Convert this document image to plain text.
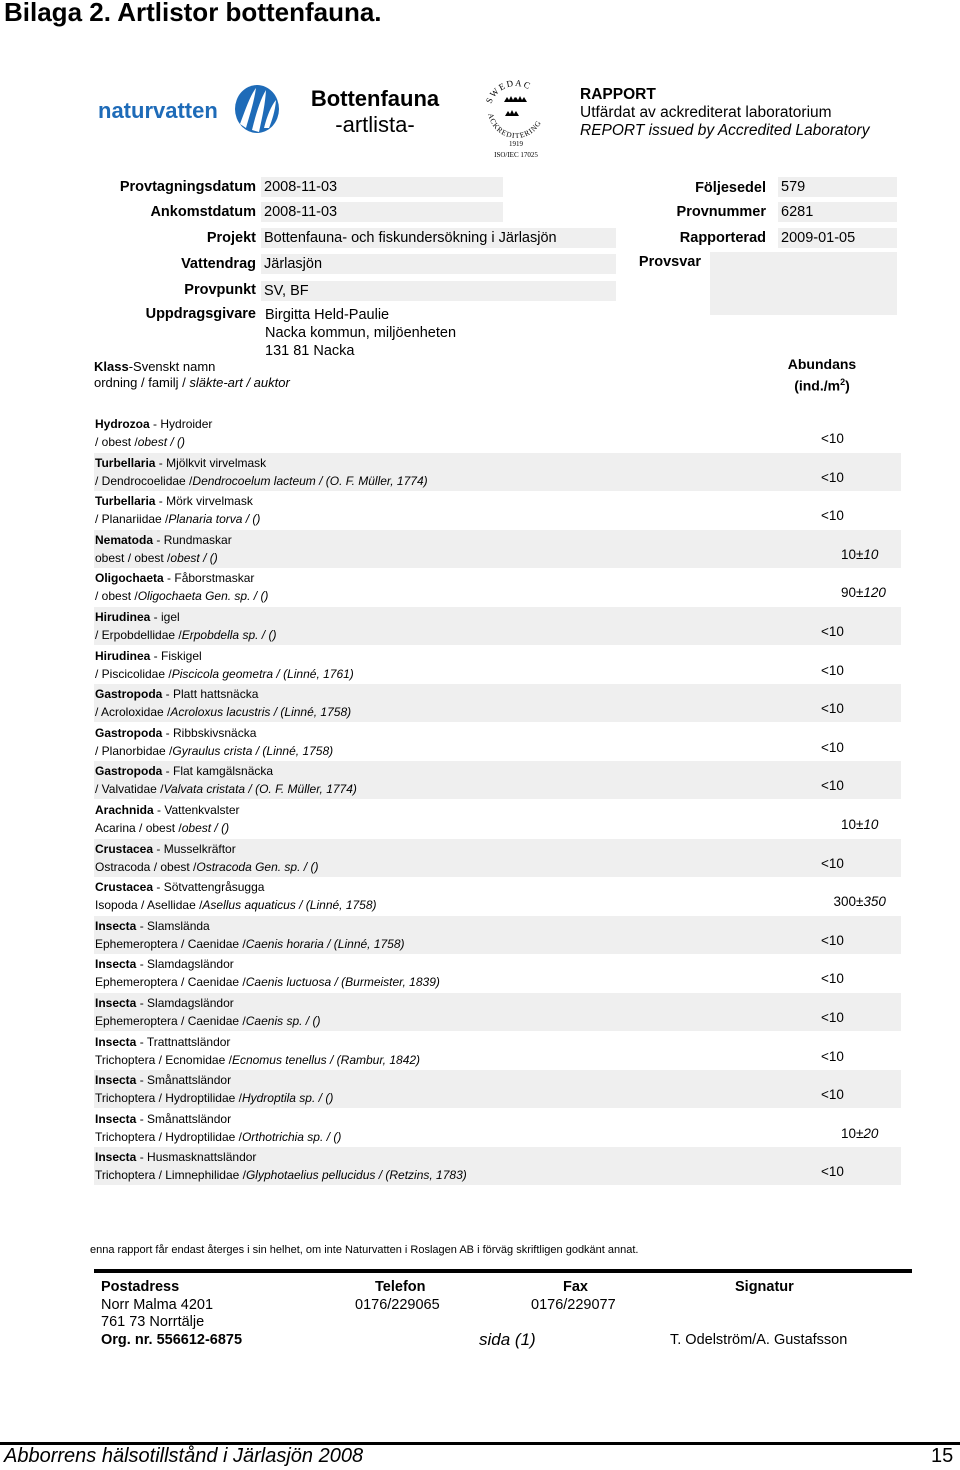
Bilaga 2. Artlistor bottenfauna.
naturvatten	Bottenfauna
-artlista-
SWEDAC
ACKREDITERING
1919
ISO/IEC 17025
RAPPORT
Utfärdat av ackrediterat laboratorium
REPORT issued by Accredited Laboratory
Provtagningsdatum 2008-11-03
Ankomstdatum 2008-11-03
Projekt Bottenfauna- och fiskundersökning i Järlasjön
Vattendrag Järlasjön
Provpunkt SV, BF
Uppdragsgivare Birgitta Held-Paulie
Nacka kommun, miljöenheten
131 81 Nacka
Följesedel 579
Provnummer 6281
Rapporterad 2009-01-05
Provsvar
Klass-Svenskt namn
ordning / familj / släkte-art / auktor
Abundans
$(ind./m^2)$
Hydrozoa - Hydroider
/ obest /obest / ()	<10
Turbellaria - Mjölkvit virvelmask
/ Dendrocoelidae /Dendrocoelum lacteum / (O. F. Müller, 1774)	<10
Turbellaria - Mörk virvelmask
/ Planariidae /Planaria torva / ()	<10
Nematoda - Rundmaskar
obest / obest /obest / ()	10 ±10
Oligochaeta - Fåborstmaskar
/ obest /Oligochaeta Gen. sp. / ()	90 ±120
Hirudinea - igel
/ Erpobdellidae /Erpobdella sp. / ()	<10
Hirudinea - Fiskigel
/ Piscicolidae /Piscicola geometra / (Linné, 1761)	<10
Gastropoda - Platt hattsnäcka
/ Acroloxidae /Acroloxus lacustris / (Linné, 1758)	<10
Gastropoda - Ribbskivsnäcka
/ Planorbidae /Gyraulus crista / (Linné, 1758)	<10
Gastropoda - Flat kamgälsnäcka
/ Valvatidae /Valvata cristata / (O. F. Müller, 1774)	<10
Arachnida - Vattenkvalster
Acarina / obest /obest / ()	10 ±10
Crustacea - Musselkräftor
Ostracoda / obest /Ostracoda Gen. sp. / ()	<10
Crustacea - Sötvattengråsugga
Isopoda / Asellidae /Asellus aquaticus / (Linné, 1758)	300 ±350
Insecta - Slamslända
Ephemeroptera / Caenidae /Caenis horaria / (Linné, 1758)	<10
Insecta - Slamdagsländor
Ephemeroptera / Caenidae /Caenis luctuosa / (Burmeister, 1839)	<10
Insecta - Slamdagsländor
Ephemeroptera / Caenidae /Caenis sp. / ()	<10
Insecta - Trattnattsländor
Trichoptera / Ecnomidae /Ecnomus tenellus / (Rambur, 1842)	<10
Insecta - Smånattsländor
Trichoptera / Hydroptilidae /Hydroptila sp. / ()	<10
Insecta - Smånattsländor
Trichoptera / Hydroptilidae /Orthotrichia sp. / ()	10 ±20
Insecta - Husmasknattsländor
Trichoptera / Limnephilidae /Glyphotaelius pellucidus / (Retzins, 1783)	<10
enna rapport får endast återges i sin helhet, om inte Naturvatten i Roslagen AB i förväg skriftligen godkänt annat.
Postadress
Norr Malma 4201
761 73 Norrtälje
Org. nr. 556612-6875
Telefon
0176/229065
Fax
0176/229077
Signatur
T. Odelström/A. Gustafsson
sida (1)
Abborrens hälsotillstånd i Järlasjön 2008	15
